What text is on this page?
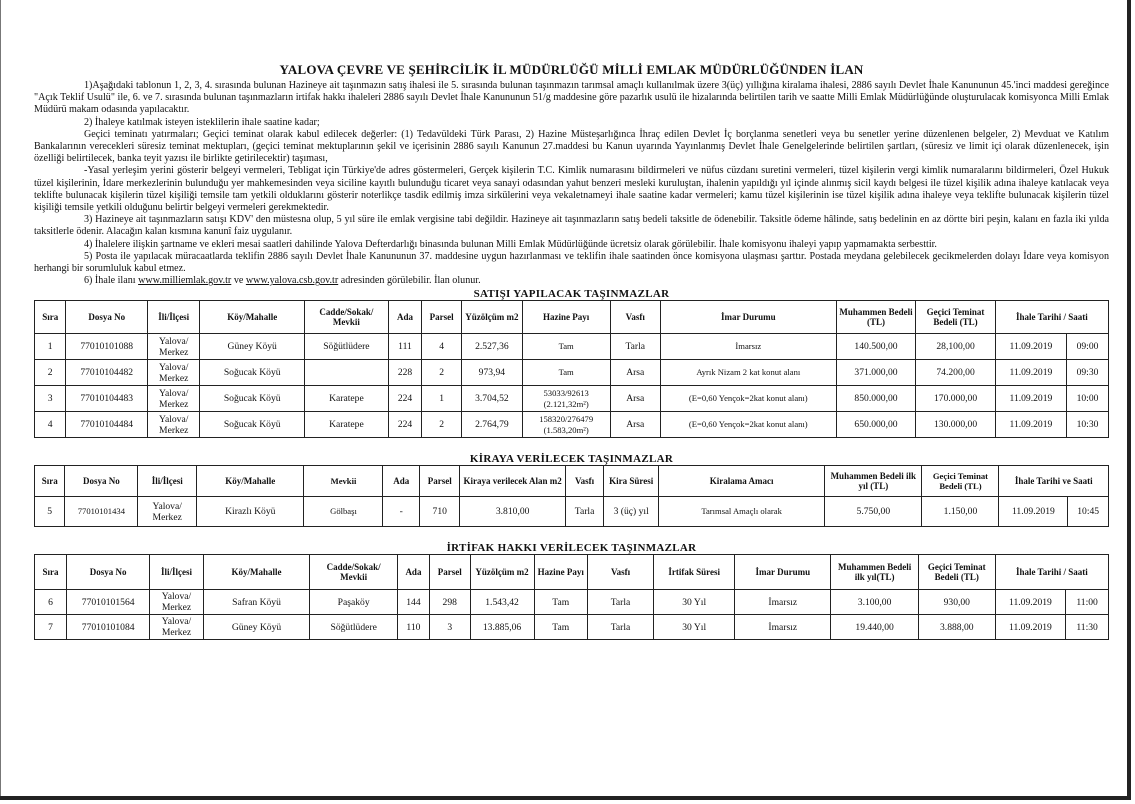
YALOVA ÇEVRE VE ŞEHİRCİLİK İL MÜDÜRLÜĞÜ MİLLİ EMLAK MÜDÜRLÜĞÜNDEN İLAN

1)Aşağıdaki tablonun 1, 2, 3, 4. sırasında bulunan Hazineye ait taşınmazın satış ihalesi ile 5. sırasında bulunan taşınmazın tarımsal amaçlı kullanılmak üzere 3(üç) yıllığına kiralama ihalesi, 2886 sayılı Devlet İhale Kanununun 45.'inci maddesi gereğince "Açık Teklif Usulü" ile, 6. ve 7. sırasında bulunan taşınmazların irtifak hakkı ihaleleri 2886 sayılı Devlet İhale Kanununun 51/g maddesine göre pazarlık usulü ile hizalarında belirtilen tarih ve saatte Milli Emlak Müdürlüğünde oluşturulacak komisyonca Milli Emlak Müdürü makam odasında yapılacaktır.

2) İhaleye katılmak isteyen isteklilerin ihale saatine kadar;

Geçici teminatı yatırmaları; Geçici teminat olarak kabul edilecek değerler: (1) Tedavüldeki Türk Parası, 2) Hazine Müsteşarlığınca İhraç edilen Devlet İç borçlanma senetleri veya bu senetler yerine düzenlenen belgeler, 2) Mevduat ve Katılım Bankalarının verecekleri süresiz teminat mektupları, (geçici teminat mektuplarının şekil ve içerisinin 2886 sayılı Kanunun 27.maddesi bu Kanun uyarında Yayınlanmış Devlet İhale Genelgelerinde belirtilen şartları, (süresiz ve limit içi olarak düzenlenecek, işin özelliği belirtilecek, banka teyit yazısı ile birlikte getirilecektir) taşıması,

-Yasal yerleşim yerini gösterir belgeyi vermeleri, Tebligat için Türkiye'de adres göstermeleri, Gerçek kişilerin T.C. Kimlik numarasını bildirmeleri ve nüfus cüzdanı suretini vermeleri, tüzel kişilerin vergi kimlik numaralarını bildirmeleri, Özel Hukuk tüzel kişilerinin, İdare merkezlerinin bulunduğu yer mahkemesinden veya siciline kayıtlı bulunduğu ticaret veya sanayi odasından yahut benzeri mesleki kuruluştan, ihalenin yapıldığı yıl içinde alınmış sicil kaydı belgesi ile tüzel kişilik adına ihaleye katılacak veya teklifte bulunacak kişilerin tüzel kişiliği temsile tam yetkili olduklarını gösterir noterlikçe tasdik edilmiş imza sirkülerini veya vekaletnameyi ihale saatine kadar vermeleri; kamu tüzel kişilerinin ise tüzel kişilik adına ihaleye veya teklifte bulunacak kişilerin tüzel kişiliği temsile yetkili olduğunu belirtir belgeyi vermeleri gerekmektedir.

3) Hazineye ait taşınmazların satışı KDV' den müstesna olup, 5 yıl süre ile emlak vergisine tabi değildir. Hazineye ait taşınmazların satış bedeli taksitle de ödenebilir. Taksitle ödeme hâlinde, satış bedelinin en az dörtte biri peşin, kalanı en fazla iki yılda taksitlerle ödenir. Alacağın kalan kısmına kanunî faiz uygulanır.

4) İhalelere ilişkin şartname ve ekleri mesai saatleri dahilinde Yalova Defterdarlığı binasında bulunan Milli Emlak Müdürlüğünde ücretsiz olarak görülebilir. İhale komisyonu ihaleyi yapıp yapmamakta serbesttir.

5) Posta ile yapılacak müracaatlarda teklifin 2886 sayılı Devlet İhale Kanununun 37. maddesine uygun hazırlanması ve teklifin ihale saatinden önce komisyona ulaşması şarttır. Postada meydana gelebilecek gecikmelerden dolayı İdare veya komisyon herhangi bir sorumluluk kabul etmez.

6) İhale ilanı www.milliemlak.gov.tr ve www.yalova.csb.gov.tr adresinden görülebilir. İlan olunur.

SATIŞI YAPILACAK TAŞINMAZLAR
Sıra	Dosya No	İli/İlçesi	Köy/Mahalle	Cadde/Sokak/ Mevkii	Ada	Parsel	Yüzölçüm m2	Hazine Payı	Vasfı	İmar Durumu	Muhammen Bedeli (TL)	Geçici Teminat Bedeli (TL)	İhale Tarihi / Saati	
1	77010101088	Yalova/ Merkez	Güney Köyü	Söğütlüdere	111	4	2.527,36	Tam	Tarla	İmarsız	140.500,00	28,100,00	11.09.2019	09:00
2	77010104482	Yalova/ Merkez	Soğucak Köyü		228	2	973,94	Tam	Arsa	Ayrık Nizam 2 kat konut alanı	371.000,00	74.200,00	11.09.2019	09:30
3	77010104483	Yalova/ Merkez	Soğucak Köyü	Karatepe	224	1	3.704,52	53033/92613 (2.121,32m²)	Arsa	(E=0,60 Yençok=2kat konut alanı)	850.000,00	170.000,00	11.09.2019	10:00
4	77010104484	Yalova/ Merkez	Soğucak Köyü	Karatepe	224	2	2.764,79	158320/276479 (1.583,20m²)	Arsa	(E=0,60 Yençok=2kat konut alanı)	650.000,00	130.000,00	11.09.2019	10:30
KİRAYA VERİLECEK TAŞINMAZLAR
Sıra	Dosya No	İli/İlçesi	Köy/Mahalle	Mevkii	Ada	Parsel	Kiraya verilecek Alan m2	Vasfı	Kira Süresi	Kiralama Amacı	Muhammen Bedeli ilk yıl (TL)	Geçici Teminat Bedeli (TL)	İhale Tarihi ve Saati	
5	77010101434	Yalova/ Merkez	Kirazlı Köyü	Gölbaşı	-	710	3.810,00	Tarla	3 (üç) yıl	Tarımsal Amaçlı olarak	5.750,00	1.150,00	11.09.2019	10:45
İRTİFAK HAKKI VERİLECEK TAŞINMAZLAR
Sıra	Dosya No	İli/İlçesi	Köy/Mahalle	Cadde/Sokak/ Mevkii	Ada	Parsel	Yüzölçüm m2	Hazine Payı	Vasfı	İrtifak Süresi	İmar Durumu	Muhammen Bedeli ilk yıl(TL)	Geçici Teminat Bedeli (TL)	İhale Tarihi / Saati	
6	77010101564	Yalova/ Merkez	Safran Köyü	Paşaköy	144	298	1.543,42	Tam	Tarla	30 Yıl	İmarsız	3.100,00	930,00	11.09.2019	11:00
7	77010101084	Yalova/ Merkez	Güney Köyü	Söğütlüdere	110	3	13.885,06	Tam	Tarla	30 Yıl	İmarsız	19.440,00	3.888,00	11.09.2019	11:30
